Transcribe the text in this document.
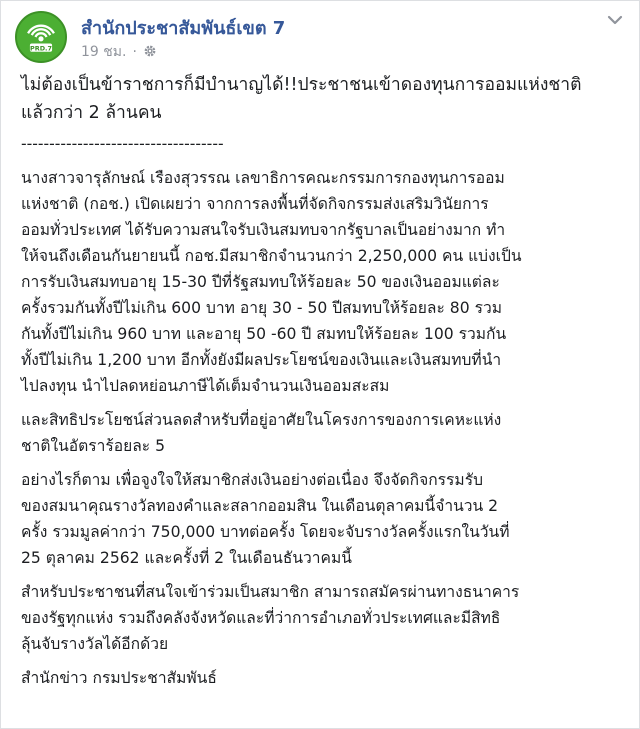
PRD.7
สำนักประชาสัมพันธ์เขต 7
19 ชม. ·

ไม่ต้องเป็นข้าราชการก็มีบำนาญได้!!ประชาชนเข้าดองทุนการออมแห่งชาติ
แล้วกว่า 2 ล้านคน

------------------------------------

นางสาวจารุลักษณ์ เรืองสุวรรณ เลขาธิการคณะกรรมการกองทุนการออม
แห่งชาติ (กอช.) เปิดเผยว่า จากการลงพื้นที่จัดกิจกรรมส่งเสริมวินัยการ
ออมทั่วประเทศ ได้รับความสนใจรับเงินสมทบจากรัฐบาลเป็นอย่างมาก ทำ
ให้จนถึงเดือนกันยายนนี้ กอช.มีสมาชิกจำนวนกว่า 2,250,000 คน แบ่งเป็น
การรับเงินสมทบอายุ 15-30 ปีที่รัฐสมทบให้ร้อยละ 50 ของเงินออมแต่ละ
ครั้งรวมกันทั้งปีไม่เกิน 600 บาท อายุ 30 - 50 ปีสมทบให้ร้อยละ 80 รวม
กันทั้งปีไม่เกิน 960 บาท และอายุ 50 -60 ปี สมทบให้ร้อยละ 100 รวมกัน
ทั้งปีไม่เกิน 1,200 บาท อีกทั้งยังมีผลประโยชน์ของเงินและเงินสมทบที่นำ
ไปลงทุน นำไปลดหย่อนภาษีได้เต็มจำนวนเงินออมสะสม

และสิทธิประโยชน์ส่วนลดสำหรับที่อยู่อาศัยในโครงการของการเคหะแห่ง
ชาติในอัตราร้อยละ 5

อย่างไรก็ตาม เพื่อจูงใจให้สมาชิกส่งเงินอย่างต่อเนื่อง จึงจัดกิจกรรมรับ
ของสมนาคุณรางวัลทองคำและสลากออมสิน ในเดือนตุลาคมนี้จำนวน 2
ครั้ง รวมมูลค่ากว่า 750,000 บาทต่อครั้ง โดยจะจับรางวัลครั้งแรกในวันที่
25 ตุลาคม 2562 และครั้งที่ 2 ในเดือนธันวาคมนี้

สำหรับประชาชนที่สนใจเข้าร่วมเป็นสมาชิก สามารถสมัครผ่านทางธนาคาร
ของรัฐทุกแห่ง รวมถึงคลังจังหวัดและที่ว่าการอำเภอทั่วประเทศและมีสิทธิ
ลุ้นจับรางวัลได้อีกด้วย

สำนักข่าว กรมประชาสัมพันธ์
